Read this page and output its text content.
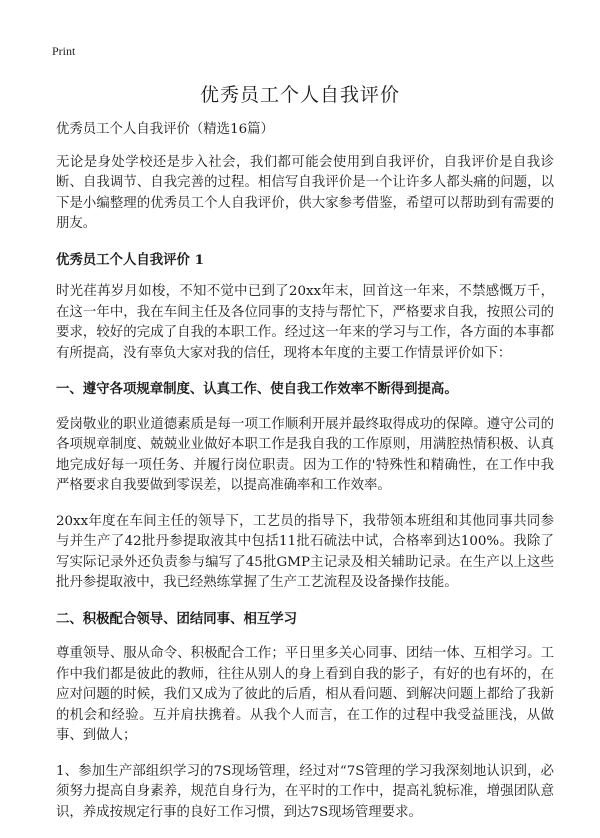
Print
优秀员工个人自我评价

优秀员工个人自我评价（精选16篇）

无论是身处学校还是步入社会，我们都可能会使用到自我评价，自我评价是自我诊断、自我调节、自我完善的过程。相信写自我评价是一个让许多人都头痛的问题，以下是小编整理的优秀员工个人自我评价，供大家参考借鉴，希望可以帮助到有需要的朋友。

优秀员工个人自我评价 1

时光荏苒岁月如梭，不知不觉中已到了20xx年末，回首这一年来，不禁感慨万千，在这一年中，我在车间主任及各位同事的支持与帮忙下，严格要求自我，按照公司的要求，较好的完成了自我的本职工作。经过这一年来的学习与工作，各方面的本事都有所提高，没有辜负大家对我的信任，现将本年度的主要工作情景评价如下：

一、遵守各项规章制度、认真工作、使自我工作效率不断得到提高。

爱岗敬业的职业道德素质是每一项工作顺利开展并最终取得成功的保障。遵守公司的各项规章制度、兢兢业业做好本职工作是我自我的工作原则，用满腔热情积极、认真地完成好每一项任务、并履行岗位职责。因为工作的'特殊性和精确性，在工作中我严格要求自我要做到零误差，以提高准确率和工作效率。

20xx年度在车间主任的领导下，工艺员的指导下，我带领本班组和其他同事共同参与并生产了42批丹参提取液其中包括11批石硫法中试，合格率到达100%。我除了写实际记录外还负责参与编写了45批GMP主记录及相关辅助记录。在生产以上这些批丹参提取液中，我已经熟练掌握了生产工艺流程及设备操作技能。

二、积极配合领导、团结同事、相互学习

尊重领导、服从命令、积极配合工作；平日里多关心同事、团结一体、互相学习。工作中我们都是彼此的教师，往往从别人的身上看到自我的影子，有好的也有坏的，在应对问题的时候，我们又成为了彼此的后盾，相从看问题、到解决问题上都给了我新的机会和经验。互并肩扶携着。从我个人而言，在工作的过程中我受益匪浅，从做事、到做人；

1、参加生产部组织学习的7S现场管理，经过对“7S管理的学习我深刻地认识到，必须努力提高自身素养，规范自身行为，在平时的工作中，提高礼貌标准，增强团队意识，养成按规定行事的良好工作习惯，到达7S现场管理要求。
